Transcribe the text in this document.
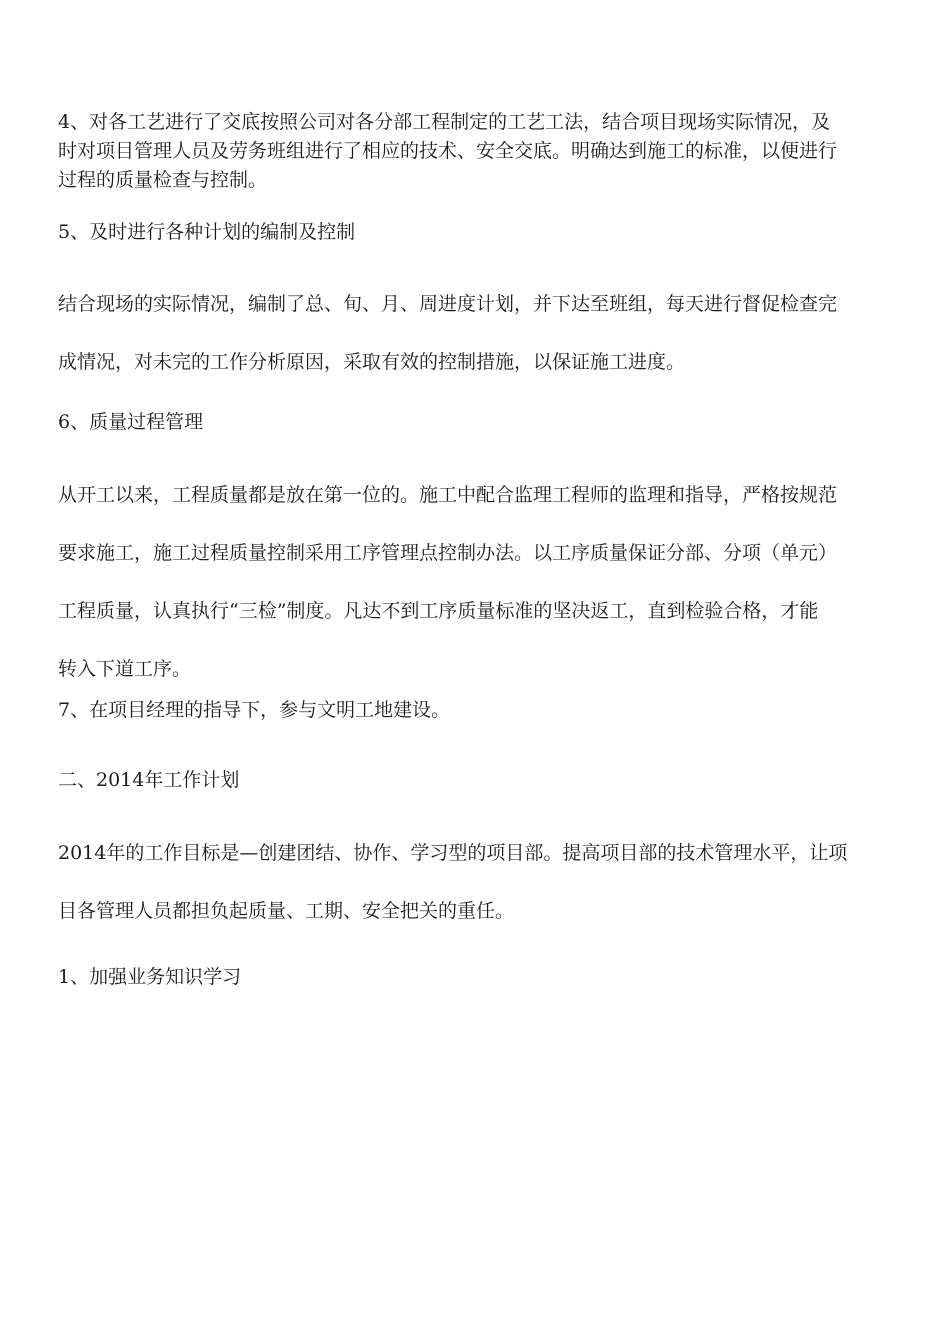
4、对各工艺进行了交底按照公司对各分部工程制定的工艺工法，结合项目现场实际情况，及

时对项目管理人员及劳务班组进行了相应的技术、安全交底。明确达到施工的标准，以便进行

过程的质量检查与控制。

5、及时进行各种计划的编制及控制

结合现场的实际情况，编制了总、旬、月、周进度计划，并下达至班组，每天进行督促检查完

成情况，对未完的工作分析原因，采取有效的控制措施，以保证施工进度。

6、质量过程管理

从开工以来，工程质量都是放在第一位的。施工中配合监理工程师的监理和指导，严格按规范

要求施工，施工过程质量控制采用工序管理点控制办法。以工序质量保证分部、分项（单元）

工程质量，认真执行“三检”制度。凡达不到工序质量标准的坚决返工，直到检验合格，才能

转入下道工序。

7、在项目经理的指导下，参与文明工地建设。

二、2014年工作计划

2014年的工作目标是—创建团结、协作、学习型的项目部。提高项目部的技术管理水平，让项

目各管理人员都担负起质量、工期、安全把关的重任。

1、加强业务知识学习
